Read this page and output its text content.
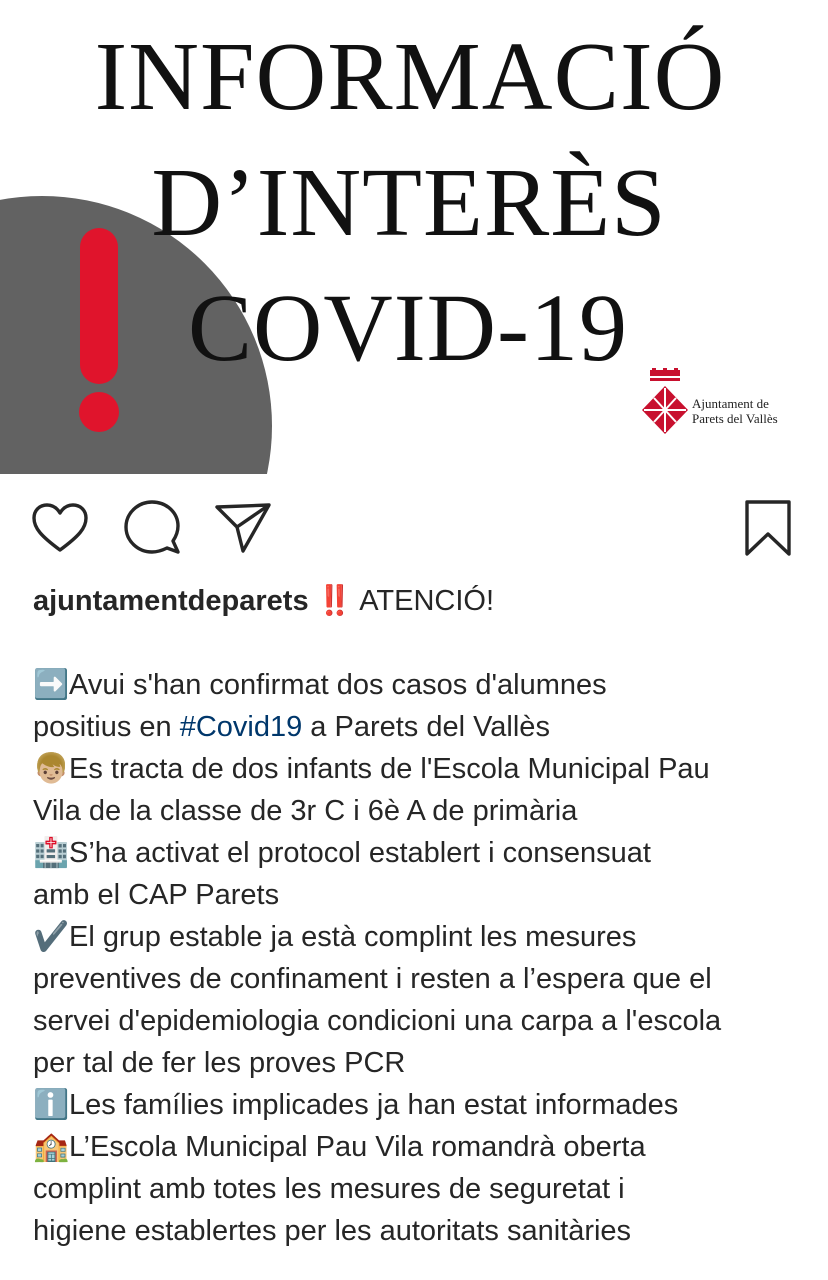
INFORMACIÓ
D’INTERÈS
COVID-19
Ajuntament de
Parets del Vallès

ajuntamentdeparets ‼️ ATENCIÓ!

➡️Avui s'han confirmat dos casos d'alumnes
positius en #Covid19 a Parets del Vallès

👦🏼Es tracta de dos infants de l'Escola Municipal Pau
Vila de la classe de 3r C i 6è A de primària

🏥S’ha activat el protocol establert i consensuat
amb el CAP Parets

✔️El grup estable ja està complint les mesures
preventives de confinament i resten a l’espera que el
servei d'epidemiologia condicioni una carpa a l'escola
per tal de fer les proves PCR

ℹ️Les famílies implicades ja han estat informades

🏫L’Escola Municipal Pau Vila romandrà oberta
complint amb totes les mesures de seguretat i
higiene establertes per les autoritats sanitàries
